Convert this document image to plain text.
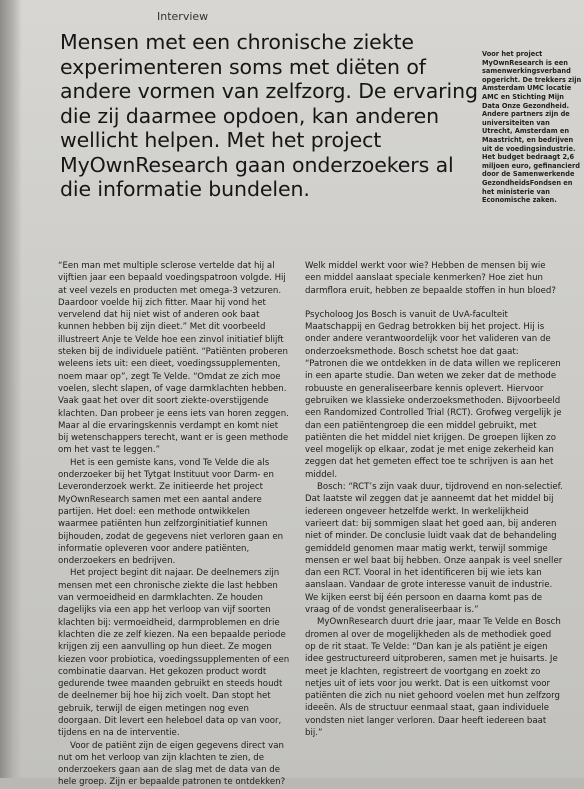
Interview
Mensen met een chronische ziekte experimenteren soms met diëten of andere vormen van zelfzorg. De ervaring die zij daarmee opdoen, kan anderen wellicht helpen. Met het project MyOwnResearch gaan onderzoekers al die informatie bundelen.
Voor het project MyOwnResearch is een samenwerkingsverband opgericht. De trekkers zijn Amsterdam UMC locatie AMC en Stichting Mijn Data Onze Gezondheid. Andere partners zijn de universiteiten van Utrecht, Amsterdam en Maastricht, en bedrijven uit de voedingsindustrie. Het budget bedraagt 2,6 miljoen euro, gefinancierd door de Samenwerkende GezondheidsFondsen en het ministerie van Economische zaken.

“Een man met multiple sclerose vertelde dat hij al vijftien jaar een bepaald voedingspatroon volgde. Hij at veel vezels en producten met omega-3 vetzuren. Daardoor voelde hij zich fitter. Maar hij vond het vervelend dat hij niet wist of anderen ook baat kunnen hebben bij zijn dieet.” Met dit voorbeeld illustreert Anje te Velde hoe een zinvol initiatief blijft steken bij de individuele patiënt. “Patiënten proberen weleens iets uit: een dieet, voedingssupplementen, noem maar op”, zegt Te Velde. “Omdat ze zich moe voelen, slecht slapen, of vage darmklachten hebben. Vaak gaat het over dit soort ziekte-overstijgende klachten. Dan probeer je eens iets van horen zeggen. Maar al die ervaringskennis verdampt en komt niet bij wetenschappers terecht, want er is geen methode om het vast te leggen.”

Het is een gemiste kans, vond Te Velde die als onderzoeker bij het Tytgat Instituut voor Darm- en Leveronderzoek werkt. Ze initieerde het project MyOwnResearch samen met een aantal andere partijen. Het doel: een methode ontwikkelen waarmee patiënten hun zelfzorginitiatief kunnen bijhouden, zodat de gegevens niet verloren gaan en informatie opleveren voor andere patiënten, onderzoekers en bedrijven.

Het project begint dit najaar. De deelnemers zijn mensen met een chronische ziekte die last hebben van vermoeidheid en darmklachten. Ze houden dagelijks via een app het verloop van vijf soorten klachten bij: vermoeidheid, darmproblemen en drie klachten die ze zelf kiezen. Na een bepaalde periode krijgen zij een aanvulling op hun dieet. Ze mogen kiezen voor probiotica, voedingssupplementen of een combinatie daarvan. Het gekozen product wordt gedurende twee maanden gebruikt en steeds houdt de deelnemer bij hoe hij zich voelt. Dan stopt het gebruik, terwijl de eigen metingen nog even doorgaan. Dit levert een heleboel data op van voor, tijdens en na de interventie.

Voor de patiënt zijn de eigen gegevens direct van nut om het verloop van zijn klachten te zien, de onderzoekers gaan aan de slag met de data van de hele groep. Zijn er bepaalde patronen te ontdekken?

Welk middel werkt voor wie? Hebben de mensen bij wie een middel aanslaat speciale kenmerken? Hoe ziet hun darmflora eruit, hebben ze bepaalde stoffen in hun bloed?

Psycholoog Jos Bosch is vanuit de UvA-faculteit Maatschappij en Gedrag betrokken bij het project. Hij is onder andere verantwoordelijk voor het valideren van de onderzoeksmethode. Bosch schetst hoe dat gaat: “Patronen die we ontdekken in de data willen we repliceren in een aparte studie. Dan weten we zeker dat de methode robuuste en generaliseerbare kennis oplevert. Hiervoor gebruiken we klassieke onderzoeksmethoden. Bijvoorbeeld een Randomized Controlled Trial (RCT). Grofweg vergelijk je dan een patiëntengroep die een middel gebruikt, met patiënten die het middel niet krijgen. De groepen lijken zo veel mogelijk op elkaar, zodat je met enige zekerheid kan zeggen dat het gemeten effect toe te schrijven is aan het middel.

Bosch: “RCT’s zijn vaak duur, tijdrovend en non-selectief. Dat laatste wil zeggen dat je aanneemt dat het middel bij iedereen ongeveer hetzelfde werkt. In werkelijkheid varieert dat: bij sommigen slaat het goed aan, bij anderen niet of minder. De conclusie luidt vaak dat de behandeling gemiddeld genomen maar matig werkt, terwijl sommige mensen er wel baat bij hebben. Onze aanpak is veel sneller dan een RCT. Vooral in het identificeren bij wie iets kan aanslaan. Vandaar de grote interesse vanuit de industrie. We kijken eerst bij één persoon en daarna komt pas de vraag of de vondst generaliseerbaar is.”

MyOwnResearch duurt drie jaar, maar Te Velde en Bosch dromen al over de mogelijkheden als de methodiek goed op de rit staat. Te Velde: “Dan kan je als patiënt je eigen idee gestructureerd uitproberen, samen met je huisarts. Je meet je klachten, registreert de voortgang en zoekt zo netjes uit of iets voor jou werkt. Dat is een uitkomst voor patiënten die zich nu niet gehoord voelen met hun zelfzorg ideeën. Als de structuur eenmaal staat, gaan individuele vondsten niet langer verloren. Daar heeft iedereen baat bij.”
